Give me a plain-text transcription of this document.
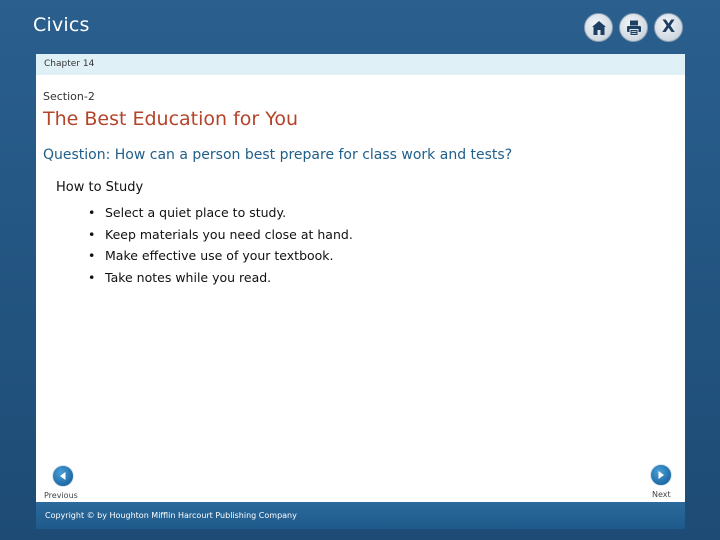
Civics	X
Chapter 14
Section-2
The Best Education for You
Question: How can a person best prepare for class work and tests?
How to Study
• Select a quiet place to study.
• Keep materials you need close at hand.
• Make effective use of your textbook.
• Take notes while you read.
Previous	Next
Copyright © by Houghton Mifflin Harcourt Publishing Company
